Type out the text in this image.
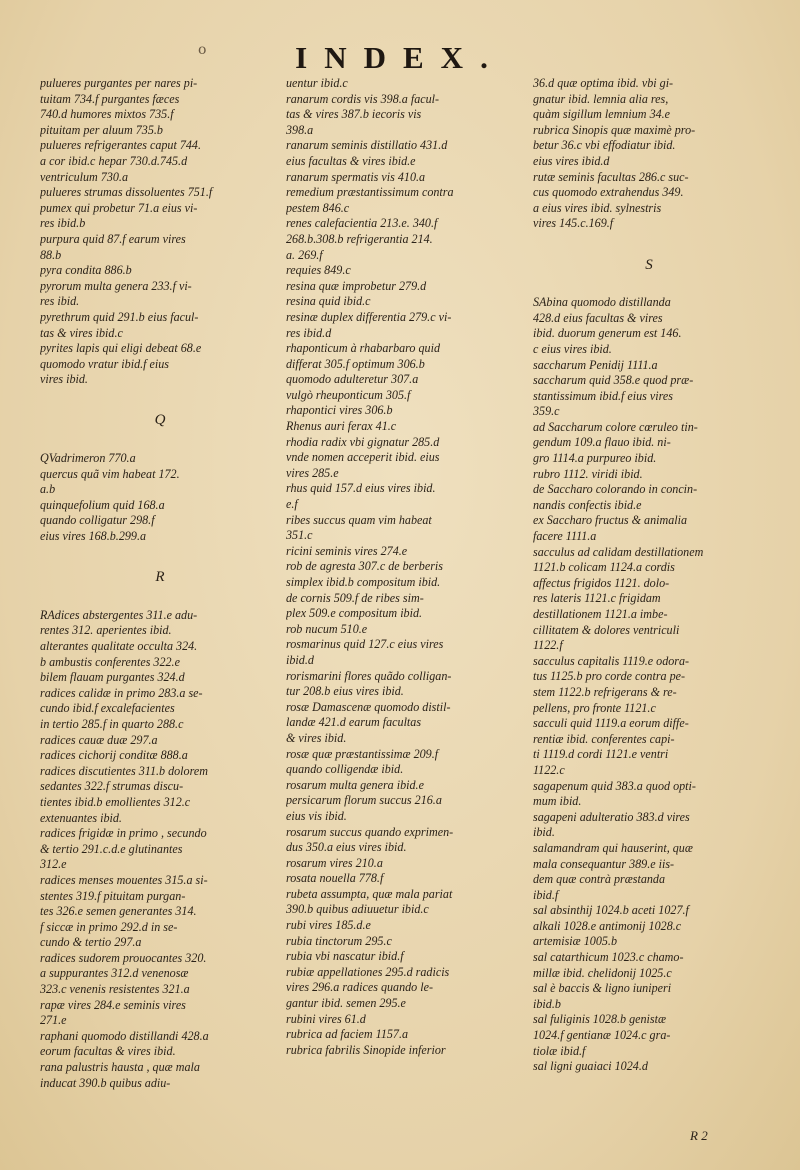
o	INDEX.
pulueres purgantes per nares pi-
tuitam 734.f purgantes fæces
740.d humores mixtos 735.f
pituitam per aluum 735.b
pulueres refrigerantes caput 744.
a cor ibid.c hepar 730.d.745.d
ventriculum 730.a
pulueres strumas dissoluentes 751.f
pumex qui probetur 71.a eius vi-
res ibid.b
purpura quid 87.f earum vires
88.b
pyra condita 886.b
pyrorum multa genera 233.f vi-
res ibid.
pyrethrum quid 291.b eius facul-
tas & vires ibid.c
pyrites lapis qui eligi debeat 68.e
quomodo vratur ibid.f eius
vires ibid.

Q

QVadrimeron 770.a
quercus quã vim habeat 172.
a.b
quinquefolium quid 168.a
quando colligatur 298.f
eius vires 168.b.299.a

R

RAdices abstergentes 311.e adu-
rentes 312. aperientes ibid.
alterantes qualitate occulta 324.
b ambustis conferentes 322.e
bilem flauam purgantes 324.d
radices calidæ in primo 283.a se-
cundo ibid.f excalefacientes
in tertio 285.f in quarto 288.c
radices cauæ duæ 297.a
radices cichorij conditæ 888.a
radices discutientes 311.b dolorem
sedantes 322.f strumas discu-
tientes ibid.b emollientes 312.c
extenuantes ibid.
radices frigidæ in primo , secundo
& tertio 291.c.d.e glutinantes
312.e
radices menses mouentes 315.a si-
stentes 319.f pituitam purgan-
tes 326.e semen generantes 314.
f siccæ in primo 292.d in se-
cundo & tertio 297.a
radices sudorem prouocantes 320.
a suppurantes 312.d venenosæ
323.c venenis resistentes 321.a
rapæ vires 284.e seminis vires
271.e
raphani quomodo distillandi 428.a
eorum facultas & vires ibid.
rana palustris hausta , quæ mala
inducat 390.b quibus adiu-
uentur ibid.c
ranarum cordis vis 398.a facul-
tas & vires 387.b iecoris vis
398.a
ranarum seminis distillatio 431.d
eius facultas & vires ibid.e
ranarum spermatis vis 410.a
remedium præstantissimum contra
pestem 846.c
renes calefacientia 213.e. 340.f
268.b.308.b refrigerantia 214.
a. 269.f
requies 849.c
resina quæ improbetur 279.d
resina quid ibid.c
resinæ duplex differentia 279.c vi-
res ibid.d
rhaponticum à rhabarbaro quid
differat 305.f optimum 306.b
quomodo adulteretur 307.a
vulgò rheuponticum 305.f
rhapontici vires 306.b
Rhenus auri ferax 41.c
rhodia radix vbi gignatur 285.d
vnde nomen acceperit ibid. eius
vires 285.e
rhus quid 157.d eius vires ibid.
e.f
ribes succus quam vim habeat
351.c
ricini seminis vires 274.e
rob de agresta 307.c de berberis
simplex ibid.b compositum ibid.
de cornis 509.f de ribes sim-
plex 509.e compositum ibid.
rob nucum 510.e
rosmarinus quid 127.c eius vires
ibid.d
rorismarini flores quãdo colligan-
tur 208.b eius vires ibid.
rosæ Damascenæ quomodo distil-
landæ 421.d earum facultas
& vires ibid.
rosæ quæ præstantissimæ 209.f
quando colligendæ ibid.
rosarum multa genera ibid.e
persicarum florum succus 216.a
eius vis ibid.
rosarum succus quando exprimen-
dus 350.a eius vires ibid.
rosarum vires 210.a
rosata nouella 778.f
rubeta assumpta, quæ mala pariat
390.b quibus adiuuetur ibid.c
rubi vires 185.d.e
rubia tinctorum 295.c
rubia vbi nascatur ibid.f
rubiæ appellationes 295.d radicis
vires 296.a radices quando le-
gantur ibid. semen 295.e
rubini vires 61.d
rubrica ad faciem 1157.a
rubrica fabrilis Sinopide inferior
36.d quæ optima ibid. vbi gi-
gnatur ibid. lemnia alia res,
quàm sigillum lemnium 34.e
rubrica Sinopis quæ maximè pro-
betur 36.c vbi effodiatur ibid.
eius vires ibid.d
rutæ seminis facultas 286.c suc-
cus quomodo extrahendus 349.
a eius vires ibid. sylnestris
vires 145.c.169.f

S

SAbina quomodo distillanda
428.d eius facultas & vires
ibid. duorum generum est 146.
c eius vires ibid.
saccharum Penidij 1111.a
saccharum quid 358.e quod præ-
stantissimum ibid.f eius vires
359.c
ad Saccharum colore cœruleo tin-
gendum 109.a flauo ibid. ni-
gro 1114.a purpureo ibid.
rubro 1112. viridi ibid.
de Saccharo colorando in concin-
nandis confectis ibid.e
ex Saccharo fructus & animalia
facere 1111.a
sacculus ad calidam destillationem
1121.b colicam 1124.a cordis
affectus frigidos 1121. dolo-
res lateris 1121.c frigidam
destillationem 1121.a imbe-
cillitatem & dolores ventriculi
1122.f
sacculus capitalis 1119.e odora-
tus 1125.b pro corde contra pe-
stem 1122.b refrigerans & re-
pellens, pro fronte 1121.c
sacculi quid 1119.a eorum diffe-
rentiæ ibid. conferentes capi-
ti 1119.d cordi 1121.e ventri
1122.c
sagapenum quid 383.a quod opti-
mum ibid.
sagapeni adulteratio 383.d vires
ibid.
salamandram qui hauserint, quæ
mala consequantur 389.e iis-
dem quæ contrà præstanda
ibid.f
sal absinthij 1024.b aceti 1027.f
alkali 1028.e antimonij 1028.c
artemisiæ 1005.b
sal catarthicum 1023.c chamo-
millæ ibid. chelidonij 1025.c
sal è baccis & ligno iuniperi
ibid.b
sal fuliginis 1028.b genistæ
1024.f gentianæ 1024.c gra-
tiolæ ibid.f
sal ligni guaiaci 1024.d
R 2
